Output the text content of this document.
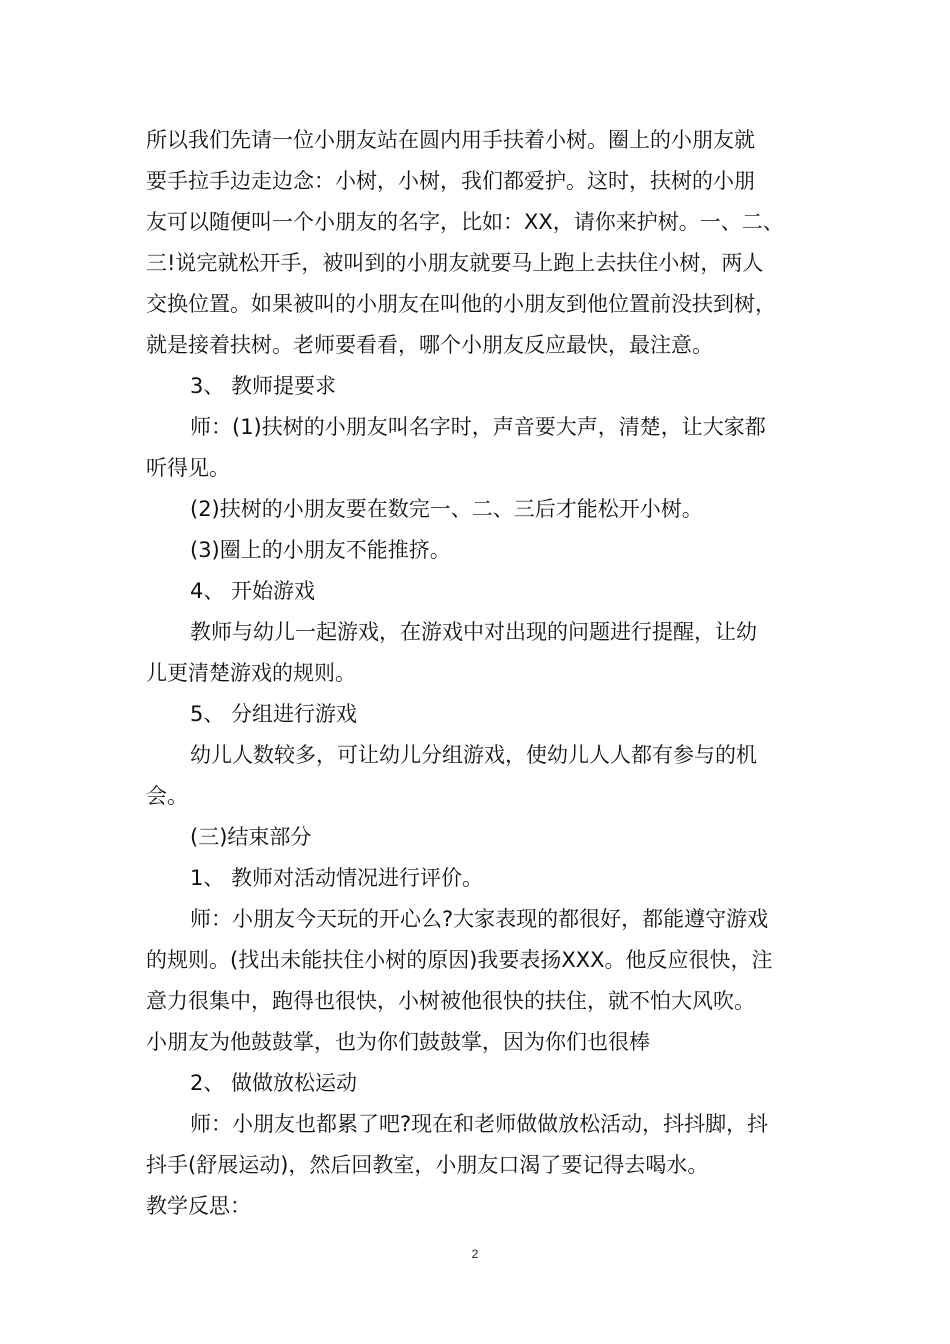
所以我们先请一位小朋友站在圆内用手扶着小树。圈上的小朋友就
要手拉手边走边念：小树，小树，我们都爱护。这时，扶树的小朋
友可以随便叫一个小朋友的名字，比如：XX，请你来护树。一、二、
三!说完就松开手，被叫到的小朋友就要马上跑上去扶住小树，两人
交换位置。如果被叫的小朋友在叫他的小朋友到他位置前没扶到树，
就是接着扶树。老师要看看，哪个小朋友反应最快，最注意。

3、 教师提要求

师：(1)扶树的小朋友叫名字时，声音要大声，清楚，让大家都
听得见。

(2)扶树的小朋友要在数完一、二、三后才能松开小树。

(3)圈上的小朋友不能推挤。

4、 开始游戏

教师与幼儿一起游戏，在游戏中对出现的问题进行提醒，让幼
儿更清楚游戏的规则。

5、 分组进行游戏

幼儿人数较多，可让幼儿分组游戏，使幼儿人人都有参与的机
会。

(三)结束部分

1、 教师对活动情况进行评价。

师：小朋友今天玩的开心么?大家表现的都很好，都能遵守游戏
的规则。(找出未能扶住小树的原因)我要表扬XXX。他反应很快，注
意力很集中，跑得也很快，小树被他很快的扶住，就不怕大风吹。
小朋友为他鼓鼓掌，也为你们鼓鼓掌，因为你们也很棒

2、 做做放松运动

师：小朋友也都累了吧?现在和老师做做放松活动，抖抖脚，抖
抖手(舒展运动)，然后回教室，小朋友口渴了要记得去喝水。

教学反思：

2
